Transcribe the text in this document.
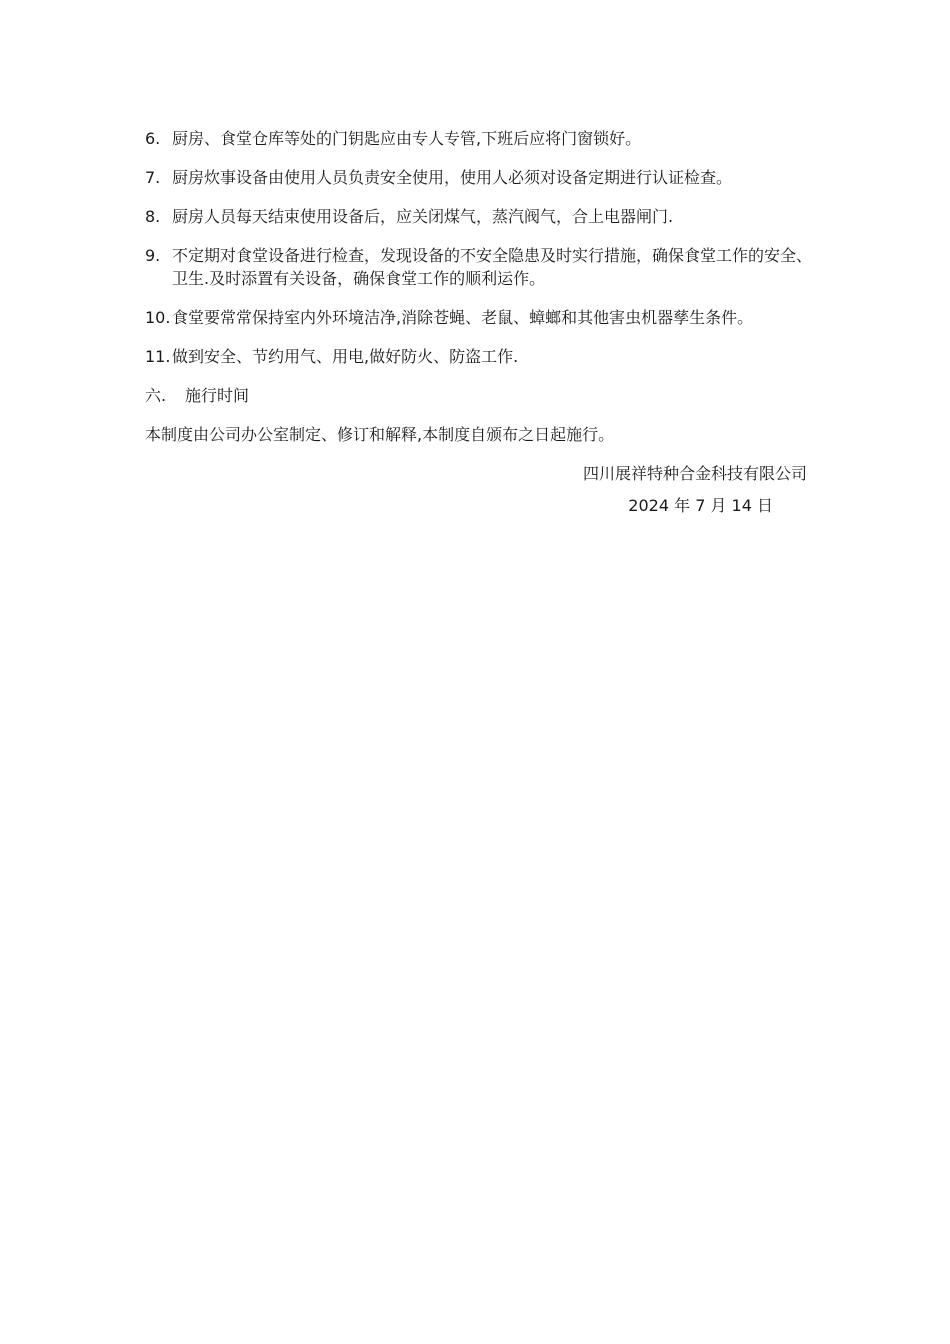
6. 厨房、食堂仓库等处的门钥匙应由专人专管,下班后应将门窗锁好。
7. 厨房炊事设备由使用人员负责安全使用，使用人必须对设备定期进行认证检查。
8. 厨房人员每天结束使用设备后，应关闭煤气，蒸汽阀气，合上电器闸门.
9. 不定期对食堂设备进行检查，发现设备的不安全隐患及时实行措施，确保食堂工作的安全、卫生.及时添置有关设备，确保食堂工作的顺利运作。
10. 食堂要常常保持室内外环境洁净,消除苍蝇、老鼠、蟑螂和其他害虫机器孳生条件。
11. 做到安全、节约用气、用电,做好防火、防盗工作.
六.	施行时间
本制度由公司办公室制定、修订和解释,本制度自颁布之日起施行。
四川展祥特种合金科技有限公司
2024 年 7 月 14 日
